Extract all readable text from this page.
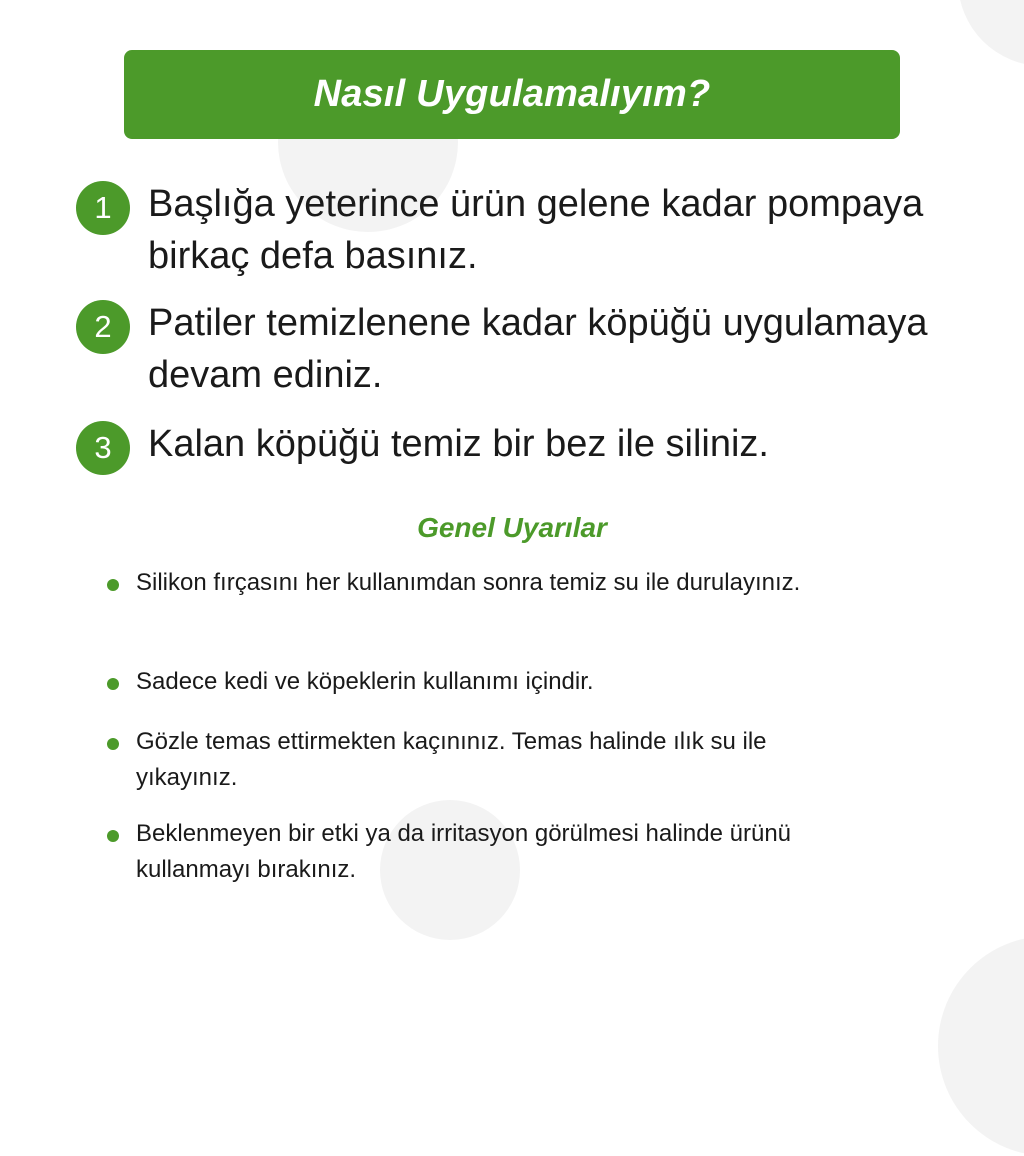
Nasıl Uygulamalıyım?
1 Başlığa yeterince ürün gelene kadar pompaya birkaç defa basınız.
2 Patiler temizlenene kadar köpüğü uygulamaya devam ediniz.
3 Kalan köpüğü temiz bir bez ile siliniz.
Genel Uyarılar
Silikon fırçasını her kullanımdan sonra temiz su ile durulayınız.
Sadece kedi ve köpeklerin kullanımı içindir.
Gözle temas ettirmekten kaçınınız. Temas halinde ılık su ile yıkayınız.
Beklenmeyen bir etki ya da irritasyon görülmesi halinde ürünü kullanmayı bırakınız.
